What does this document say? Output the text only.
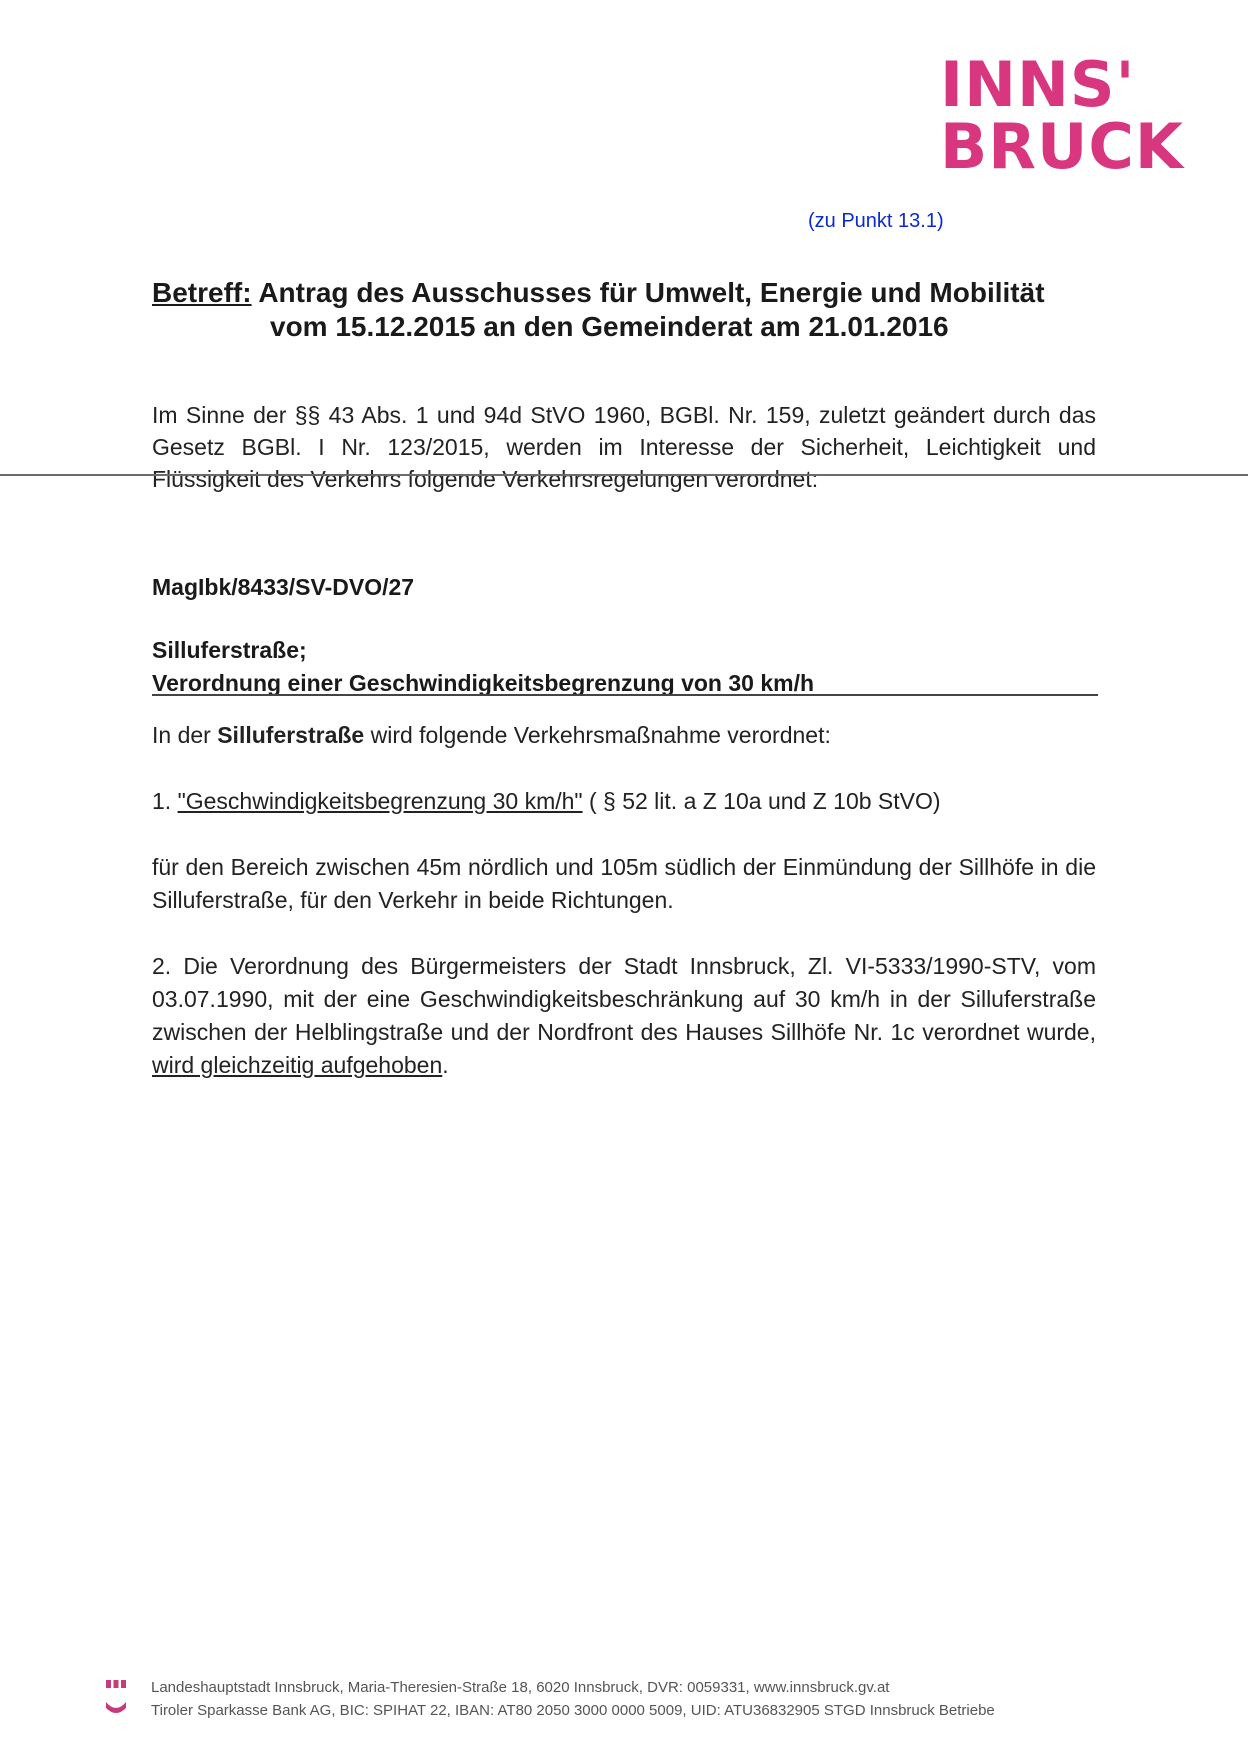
INNS'
BRUCK
(zu Punkt 13.1)
Betreff: Antrag des Ausschusses für Umwelt, Energie und Mobilität
vom 15.12.2015 an den Gemeinderat am 21.01.2016
Im Sinne der §§ 43 Abs. 1 und 94d StVO 1960, BGBl. Nr. 159, zuletzt geändert durch das Gesetz BGBl. I Nr. 123/2015, werden im Interesse der Sicherheit, Leichtigkeit und Flüssigkeit des Verkehrs folgende Verkehrsregelungen verordnet:
MagIbk/8433/SV-DVO/27
Silluferstraße;
Verordnung einer Geschwindigkeitsbegrenzung von 30 km/h
In der Silluferstraße wird folgende Verkehrsmaßnahme verordnet:
1. "Geschwindigkeitsbegrenzung 30 km/h" ( § 52 lit. a Z 10a und Z 10b StVO)
für den Bereich zwischen 45m nördlich und 105m südlich der Einmündung der Sillhöfe in die Silluferstraße, für den Verkehr in beide Richtungen.
2. Die Verordnung des Bürgermeisters der Stadt Innsbruck, Zl. VI-5333/1990-STV, vom 03.07.1990, mit der eine Geschwindigkeitsbeschränkung auf 30 km/h in der Silluferstraße zwischen der Helblingstraße und der Nordfront des Hauses Sillhöfe Nr. 1c verordnet wurde, wird gleichzeitig aufgehoben.
Landeshauptstadt Innsbruck, Maria-Theresien-Straße 18, 6020 Innsbruck, DVR: 0059331, www.innsbruck.gv.at
Tiroler Sparkasse Bank AG, BIC: SPIHAT 22, IBAN: AT80 2050 3000 0000 5009, UID: ATU36832905 STGD Innsbruck Betriebe
